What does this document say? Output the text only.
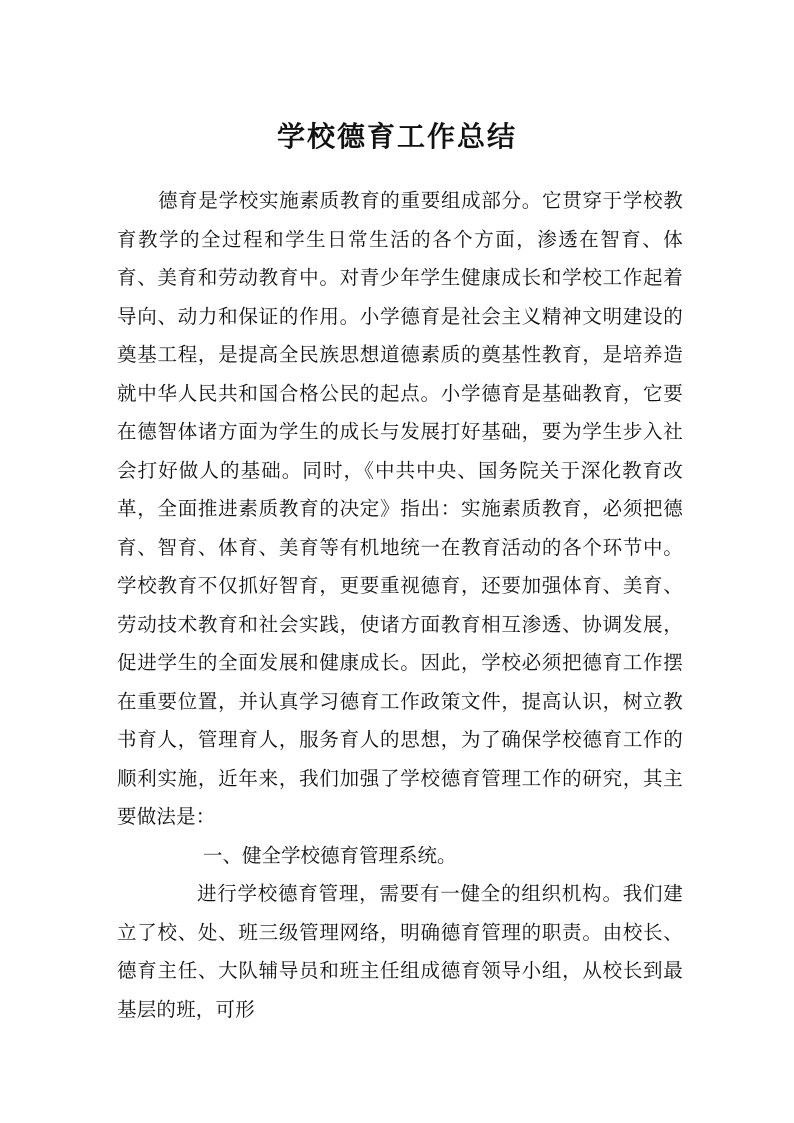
学校德育工作总结

德育是学校实施素质教育的重要组成部分。它贯穿于学校教育教学的全过程和学生日常生活的各个方面，渗透在智育、体育、美育和劳动教育中。对青少年学生健康成长和学校工作起着导向、动力和保证的作用。小学德育是社会主义精神文明建设的奠基工程，是提高全民族思想道德素质的奠基性教育，是培养造就中华人民共和国合格公民的起点。小学德育是基础教育，它要在德智体诸方面为学生的成长与发展打好基础，要为学生步入社会打好做人的基础。同时，《中共中央、国务院关于深化教育改革，全面推进素质教育的决定》指出：实施素质教育，必须把德育、智育、体育、美育等有机地统一在教育活动的各个环节中。学校教育不仅抓好智育，更要重视德育，还要加强体育、美育、劳动技术教育和社会实践，使诸方面教育相互渗透、协调发展，促进学生的全面发展和健康成长。因此，学校必须把德育工作摆在重要位置，并认真学习德育工作政策文件，提高认识，树立教书育人，管理育人，服务育人的思想，为了确保学校德育工作的顺利实施，近年来，我们加强了学校德育管理工作的研究，其主要做法是：

一、健全学校德育管理系统。

进行学校德育管理，需要有一健全的组织机构。我们建立了校、处、班三级管理网络，明确德育管理的职责。由校长、德育主任、大队辅导员和班主任组成德育领导小组，从校长到最基层的班，可形
